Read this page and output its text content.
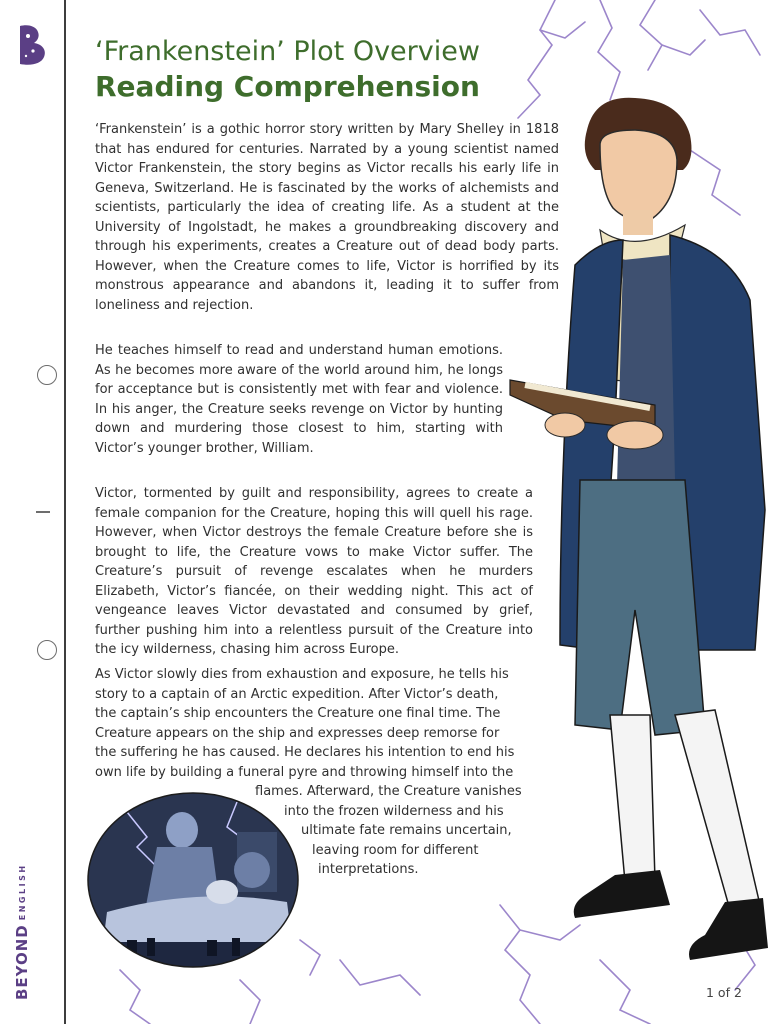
BEYONDENGLISH
‘Frankenstein’ Plot Overview
Reading Comprehension

‘Frankenstein’ is a gothic horror story written by Mary Shelley in 1818 that has endured for centuries. Narrated by a young scientist named Victor Frankenstein, the story begins as Victor recalls his early life in Geneva, Switzerland. He is fascinated by the works of alchemists and scientists, particularly the idea of creating life. As a student at the University of Ingolstadt, he makes a groundbreaking discovery and through his experiments, creates a Creature out of dead body parts. However, when the Creature comes to life, Victor is horrified by its monstrous appearance and abandons it, leading it to suffer from loneliness and rejection.

He teaches himself to read and understand human emotions. As he becomes more aware of the world around him, he longs for acceptance but is consistently met with fear and violence. In his anger, the Creature seeks revenge on Victor by hunting down and murdering those closest to him, starting with Victor’s younger brother, William.

Victor, tormented by guilt and responsibility, agrees to create a female companion for the Creature, hoping this will quell his rage. However, when Victor destroys the female Creature before she is brought to life, the Creature vows to make Victor suffer. The Creature’s pursuit of revenge escalates when he murders Elizabeth, Victor’s fiancée, on their wedding night. This act of vengeance leaves Victor devastated and consumed by grief, further pushing him into a relentless pursuit of the Creature into the icy wilderness, chasing him across Europe.

As Victor slowly dies from exhaustion and exposure, he tells his
story to a captain of an Arctic expedition. After Victor’s death,
the captain’s ship encounters the Creature one final time. The
Creature appears on the ship and expresses deep remorse for
the suffering he has caused. He declares his intention to end his
own life by building a funeral pyre and throwing himself into the
flames. Afterward, the Creature vanishes
into the frozen wilderness and his
ultimate fate remains uncertain,
leaving room for different
interpretations.
1 of 2
